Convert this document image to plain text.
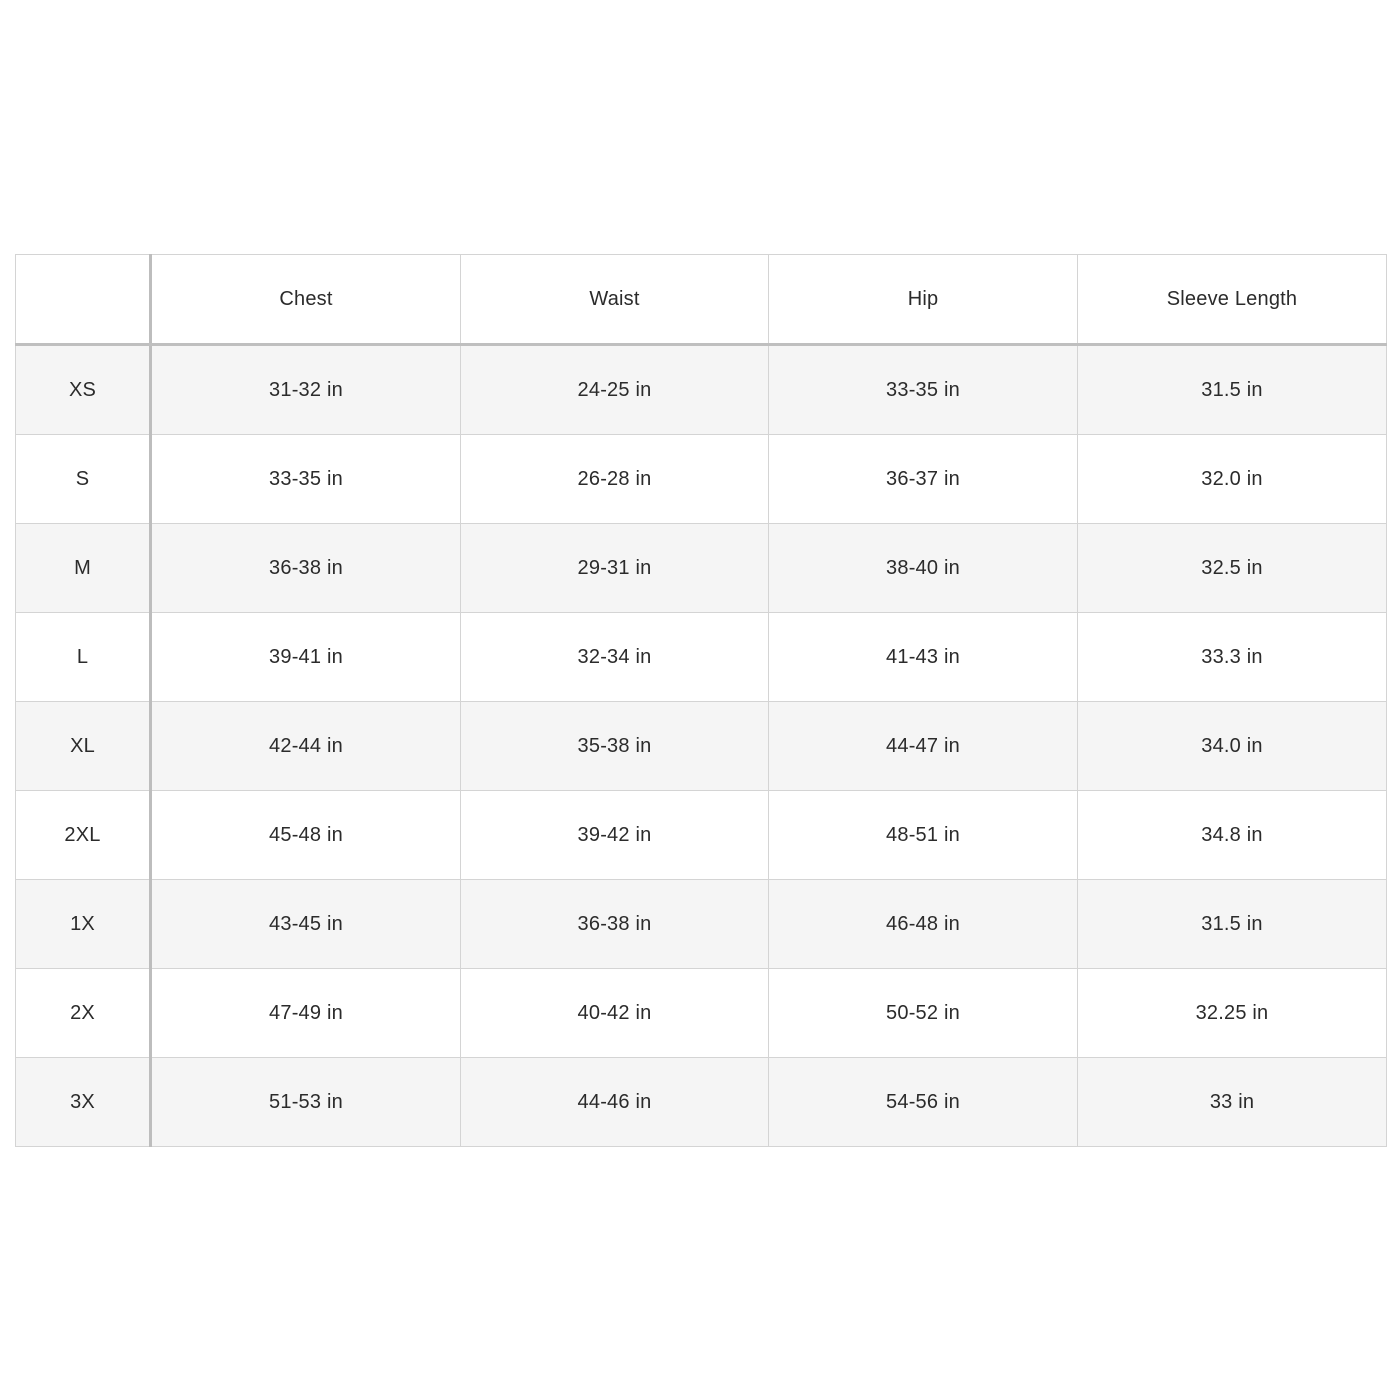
	Chest	Waist	Hip	Sleeve Length
XS	31-32 in	24-25 in	33-35 in	31.5 in
S	33-35 in	26-28 in	36-37 in	32.0 in
M	36-38 in	29-31 in	38-40 in	32.5 in
L	39-41 in	32-34 in	41-43 in	33.3 in
XL	42-44 in	35-38 in	44-47 in	34.0 in
2XL	45-48 in	39-42 in	48-51 in	34.8 in
1X	43-45 in	36-38 in	46-48 in	31.5 in
2X	47-49 in	40-42 in	50-52 in	32.25 in
3X	51-53 in	44-46 in	54-56 in	33 in
